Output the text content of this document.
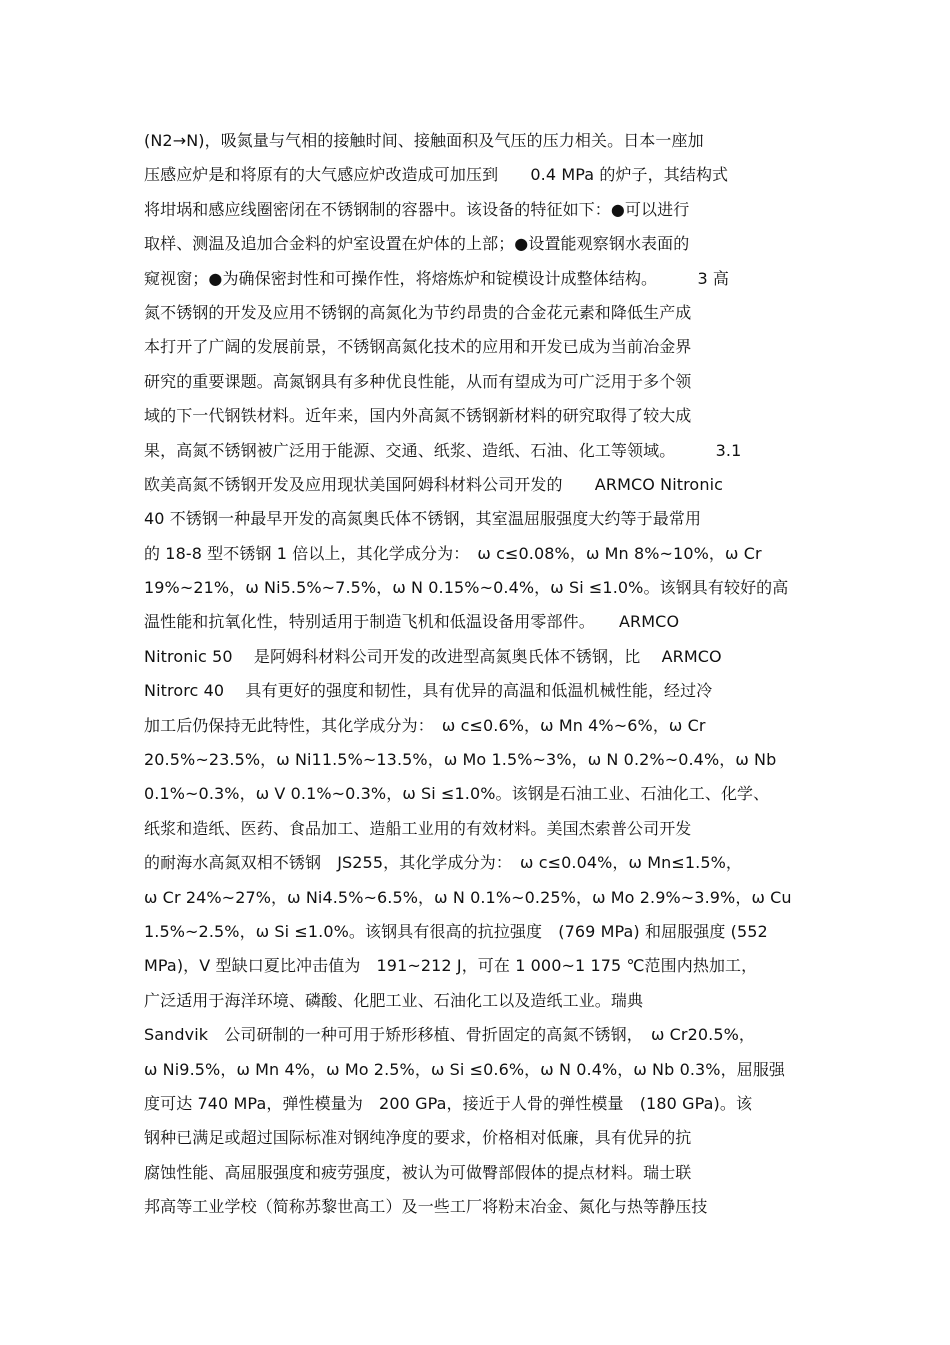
(N2→N)，吸氮量与气相的接触时间、接触面积及气压的压力相关。日本一座加
压感应炉是和将原有的大气感应炉改造成可加压到　　0.4 MPa 的炉子，其结构式
将坩埚和感应线圈密闭在不锈钢制的容器中。该设备的特征如下：●可以进行
取样、测温及追加合金料的炉室设置在炉体的上部；●设置能观察钢水表面的
窥视窗；●为确保密封性和可操作性，将熔炼炉和锭模设计成整体结构。　　　3 高
氮不锈钢的开发及应用不锈钢的高氮化为节约昂贵的合金花元素和降低生产成
本打开了广阔的发展前景，不锈钢高氮化技术的应用和开发已成为当前冶金界
研究的重要课题。高氮钢具有多种优良性能，从而有望成为可广泛用于多个领
域的下一代钢铁材料。近年来，国内外高氮不锈钢新材料的研究取得了较大成
果，高氮不锈钢被广泛用于能源、交通、纸浆、造纸、石油、化工等领域。　　　3.1
欧美高氮不锈钢开发及应用现状美国阿姆科材料公司开发的　　ARMCO Nitronic
40 不锈钢一种最早开发的高氮奥氏体不锈钢，其室温屈服强度大约等于最常用
的 18-8 型不锈钢 1 倍以上，其化学成分为：　ω c≤0.08%，ω Mn 8%~10%，ω Cr
19%~21%，ω Ni5.5%~7.5%，ω N 0.15%~0.4%，ω Si ≤1.0%。该钢具有较好的高
温性能和抗氧化性，特别适用于制造飞机和低温设备用零部件。　　ARMCO
Nitronic 50　 是阿姆科材料公司开发的改进型高氮奥氏体不锈钢，比　 ARMCO
Nitrorc 40　 具有更好的强度和韧性，具有优异的高温和低温机械性能，经过冷
加工后仍保持无此特性，其化学成分为：　ω c≤0.6%，ω Mn 4%~6%，ω Cr
20.5%~23.5%，ω Ni11.5%~13.5%，ω Mo 1.5%~3%，ω N 0.2%~0.4%，ω Nb
0.1%~0.3%，ω V 0.1%~0.3%，ω Si ≤1.0%。该钢是石油工业、石油化工、化学、
纸浆和造纸、医药、食品加工、造船工业用的有效材料。美国杰索普公司开发
的耐海水高氮双相不锈钢　JS255，其化学成分为：　ω c≤0.04%，ω Mn≤1.5%，
ω Cr 24%~27%，ω Ni4.5%~6.5%，ω N 0.1%~0.25%，ω Mo 2.9%~3.9%，ω Cu
1.5%~2.5%，ω Si ≤1.0%。该钢具有很高的抗拉强度　(769 MPa) 和屈服强度 (552
MPa)，V 型缺口夏比冲击值为　191~212 J，可在 1 000~1 175 ℃范围内热加工，
广泛适用于海洋环境、磷酸、化肥工业、石油化工以及造纸工业。瑞典
Sandvik　公司研制的一种可用于矫形移植、骨折固定的高氮不锈钢，　ω Cr20.5%，
ω Ni9.5%，ω Mn 4%，ω Mo 2.5%，ω Si ≤0.6%，ω N 0.4%，ω Nb 0.3%，屈服强
度可达 740 MPa，弹性模量为　200 GPa，接近于人骨的弹性模量　(180 GPa)。该
钢种已满足或超过国际标准对钢纯净度的要求，价格相对低廉，具有优异的抗
腐蚀性能、高屈服强度和疲劳强度，被认为可做臀部假体的提点材料。瑞士联
邦高等工业学校（简称苏黎世高工）及一些工厂将粉末冶金、氮化与热等静压技
